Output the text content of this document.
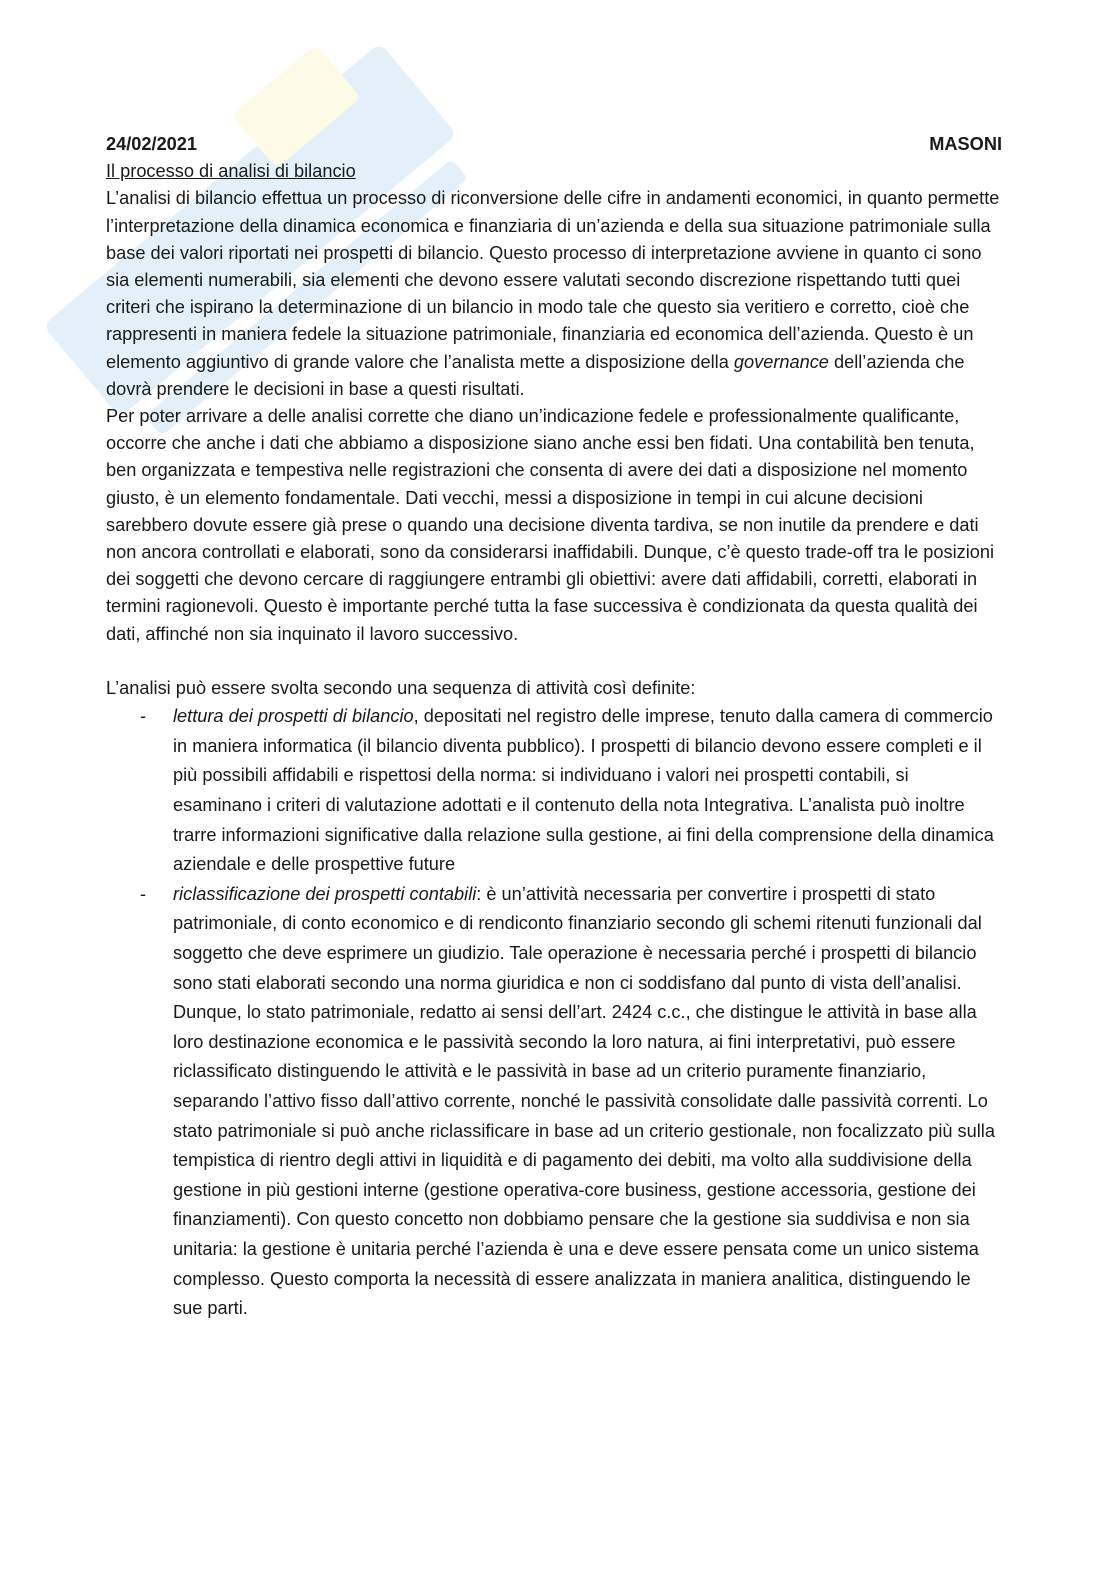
24/02/2021	MASONI
Il processo di analisi di bilancio

L’analisi di bilancio effettua un processo di riconversione delle cifre in andamenti economici, in quanto permette l’interpretazione della dinamica economica e finanziaria di un’azienda e della sua situazione patrimoniale sulla base dei valori riportati nei prospetti di bilancio. Questo processo di interpretazione avviene in quanto ci sono sia elementi numerabili, sia elementi che devono essere valutati secondo discrezione rispettando tutti quei criteri che ispirano la determinazione di un bilancio in modo tale che questo sia veritiero e corretto, cioè che rappresenti in maniera fedele la situazione patrimoniale, finanziaria ed economica dell’azienda. Questo è un elemento aggiuntivo di grande valore che l’analista mette a disposizione della governance dell’azienda che dovrà prendere le decisioni in base a questi risultati.

Per poter arrivare a delle analisi corrette che diano un’indicazione fedele e professionalmente qualificante, occorre che anche i dati che abbiamo a disposizione siano anche essi ben fidati. Una contabilità ben tenuta, ben organizzata e tempestiva nelle registrazioni che consenta di avere dei dati a disposizione nel momento giusto, è un elemento fondamentale. Dati vecchi, messi a disposizione in tempi in cui alcune decisioni sarebbero dovute essere già prese o quando una decisione diventa tardiva, se non inutile da prendere e dati non ancora controllati e elaborati, sono da considerarsi inaffidabili. Dunque, c’è questo trade-off tra le posizioni dei soggetti che devono cercare di raggiungere entrambi gli obiettivi: avere dati affidabili, corretti, elaborati in termini ragionevoli. Questo è importante perché tutta la fase successiva è condizionata da questa qualità dei dati, affinché non sia inquinato il lavoro successivo.

L’analisi può essere svolta secondo una sequenza di attività così definite:

- lettura dei prospetti di bilancio, depositati nel registro delle imprese, tenuto dalla camera di commercio in maniera informatica (il bilancio diventa pubblico). I prospetti di bilancio devono essere completi e il più possibili affidabili e rispettosi della norma: si individuano i valori nei prospetti contabili, si esaminano i criteri di valutazione adottati e il contenuto della nota Integrativa. L’analista può inoltre trarre informazioni significative dalla relazione sulla gestione, ai fini della comprensione della dinamica aziendale e delle prospettive future
- riclassificazione dei prospetti contabili: è un’attività necessaria per convertire i prospetti di stato patrimoniale, di conto economico e di rendiconto finanziario secondo gli schemi ritenuti funzionali dal soggetto che deve esprimere un giudizio. Tale operazione è necessaria perché i prospetti di bilancio sono stati elaborati secondo una norma giuridica e non ci soddisfano dal punto di vista dell’analisi. Dunque, lo stato patrimoniale, redatto ai sensi dell’art. 2424 c.c., che distingue le attività in base alla loro destinazione economica e le passività secondo la loro natura, ai fini interpretativi, può essere riclassificato distinguendo le attività e le passività in base ad un criterio puramente finanziario, separando l’attivo fisso dall’attivo corrente, nonché le passività consolidate dalle passività correnti. Lo stato patrimoniale si può anche riclassificare in base ad un criterio gestionale, non focalizzato più sulla tempistica di rientro degli attivi in liquidità e di pagamento dei debiti, ma volto alla suddivisione della gestione in più gestioni interne (gestione operativa-core business, gestione accessoria, gestione dei finanziamenti). Con questo concetto non dobbiamo pensare che la gestione sia suddivisa e non sia unitaria: la gestione è unitaria perché l’azienda è una e deve essere pensata come un unico sistema complesso. Questo comporta la necessità di essere analizzata in maniera analitica, distinguendo le sue parti.
